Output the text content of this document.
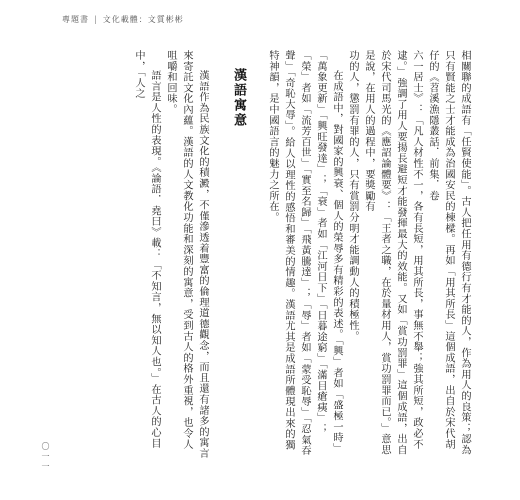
專題書 | 文化載體：文質彬彬

相關聯的成語有「任賢使能」。古人把任用有德行有才能的人，作為用人的良策；認為只有賢能之士才能成為治國安民的棟樑。再如「用其所長」這個成語，出自於宋代胡仔的《苕溪漁隱叢話．前集．卷

六一居士》：「凡人材性不一，各有長短，用其所長，事無不舉；強其所短，政必不逮。」強調了用人要揚長避短才能發揮最大的效能。又如「賞功罰罪」這個成語，出自於宋代司馬光的《應詔論體要》：「王者之職，在於量材用人，賞功罰罪而已。」意思是說，在用人的過程中，要獎勵有

功的人，懲罰有罪的人，只有賞罰分明才能調動人的積極性。

在成語中，對國家的興衰、個人的榮辱多有精彩的表述。「興」者如「盛極一時」「萬象更新」「興旺發達」；「衰」者如「江河日下」「日暮途窮」「滿目瘡痍」；「榮」者如「流芳百世」「實至名歸」「飛黃騰達」；「辱」者如「蒙受恥辱」「忍氣吞聲」「奇恥大辱」。給人以理性的感悟和審美的情趣。漢語尤其是成語所體現出來的獨特神韻，是中國語言的魅力之所在。

漢語寓意

漢語作為民族文化的積澱，不僅滲透着豐富的倫理道德觀念，而且還有諸多的寓言來寄託文化內蘊。漢語的人文教化功能和深刻的寓意，受到古人的格外重視，也令人咀嚼和回味。

語言是人性的表現。《論語．堯曰》載：「不知言，無以知人也。」在古人的心目中，「人之

〇一一
